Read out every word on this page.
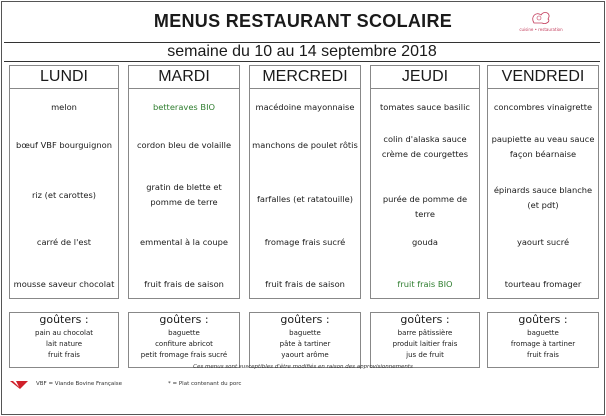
MENUS RESTAURANT SCOLAIRE	cuisine • restauration
semaine du 10 au 14 septembre 2018
LUNDI
melon
bœuf VBF bourguignon
riz (et carottes)
carré de l'est
mousse saveur chocolat
MARDI
betteraves BIO
cordon bleu de volaille
gratin de blette et pomme de terre
emmental à la coupe
fruit frais de saison
MERCREDI
macédoine mayonnaise
manchons de poulet rôtis
farfalles (et ratatouille)
fromage frais sucré
fruit frais de saison
JEUDI
tomates sauce basilic
colin d'alaska sauce crème de courgettes
purée de pomme de terre
gouda
fruit frais BIO
VENDREDI
concombres vinaigrette
paupiette au veau sauce façon béarnaise
épinards sauce blanche (et pdt)
yaourt sucré
tourteau fromager
goûters :
pain au chocolat
lait nature
fruit frais
goûters :
baguette
confiture abricot
petit fromage frais sucré
goûters :
baguette
pâte à tartiner
yaourt arôme
goûters :
barre pâtissière
produit laitier frais
jus de fruit
goûters :
baguette
fromage à tartiner
fruit frais
Ces menus sont susceptibles d'être modifiés en raison des approvisionnements
VBF = Viande Bovine Française	* = Plat contenant du porc
